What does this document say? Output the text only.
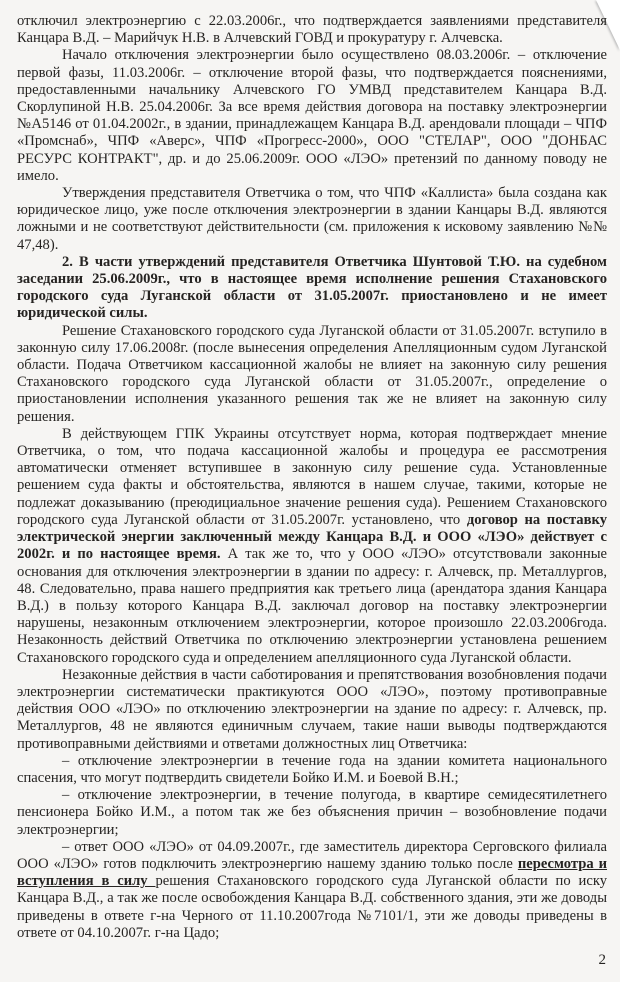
отключил электроэнергию с 22.03.2006г., что подтверждается заявлениями представителя Канцара В.Д. – Марийчук Н.В. в Алчевский ГОВД и прокуратуру г. Алчевска.

Начало отключения электроэнергии было осуществлено 08.03.2006г. – отключение первой фазы, 11.03.2006г. – отключение второй фазы, что подтверждается пояснениями, предоставленными начальнику Алчевского ГО УМВД представителем Канцара В.Д. Скорлупиной Н.В. 25.04.2006г. За все время действия договора на поставку электроэнергии №А5146 от 01.04.2002г., в здании, принадлежащем Канцара В.Д. арендовали площади – ЧПФ «Промснаб», ЧПФ «Аверс», ЧПФ «Прогресс-2000», ООО "СТЕЛАР", ООО "ДОНБАС РЕСУРС КОНТРАКТ", др. и до 25.06.2009г. ООО «ЛЭО» претензий по данному поводу не имело.

Утверждения представителя Ответчика о том, что ЧПФ «Каллиста» была создана как юридическое лицо, уже после отключения электроэнергии в здании Канцары В.Д. являются ложными и не соответствуют действительности (см. приложения к исковому заявлению №№ 47,48).

2. В части утверждений представителя Ответчика Шунтовой Т.Ю. на судебном заседании 25.06.2009г., что в настоящее время исполнение решения Стахановского городского суда Луганской области от 31.05.2007г. приостановлено и не имеет юридической силы.

Решение Стахановского городского суда Луганской области от 31.05.2007г. вступило в законную силу 17.06.2008г. (после вынесения определения Апелляционным судом Луганской области. Подача Ответчиком кассационной жалобы не влияет на законную силу решения Стахановского городского суда Луганской области от 31.05.2007г., определение о приостановлении исполнения указанного решения так же не влияет на законную силу решения.

В действующем ГПК Украины отсутствует норма, которая подтверждает мнение Ответчика, о том, что подача кассационной жалобы и процедура ее рассмотрения автоматически отменяет вступившее в законную силу решение суда. Установленные решением суда факты и обстоятельства, являются в нашем случае, такими, которые не подлежат доказыванию (преюдициальное значение решения суда). Решением Стахановского городского суда Луганской области от 31.05.2007г. установлено, что договор на поставку электрической энергии заключенный между Канцара В.Д. и ООО «ЛЭО» действует с 2002г. и по настоящее время. А так же то, что у ООО «ЛЭО» отсутствовали законные основания для отключения электроэнергии в здании по адресу: г. Алчевск, пр. Металлургов, 48. Следовательно, права нашего предприятия как третьего лица (арендатора здания Канцара В.Д.) в пользу которого Канцара В.Д. заключал договор на поставку электроэнергии нарушены, незаконным отключением электроэнергии, которое произошло 22.03.2006года. Незаконность действий Ответчика по отключению электроэнергии установлена решением Стахановского городского суда и определением апелляционного суда Луганской области.

Незаконные действия в части саботирования и препятствования возобновления подачи электроэнергии систематически практикуются ООО «ЛЭО», поэтому противоправные действия ООО «ЛЭО» по отключению электроэнергии на здание по адресу: г. Алчевск, пр. Металлургов, 48 не являются единичным случаем, такие наши выводы подтверждаются противоправными действиями и ответами должностных лиц Ответчика:

– отключение электроэнергии в течение года на здании комитета национального спасения, что могут подтвердить свидетели Бойко И.М. и Боевой В.Н.;

– отключение электроэнергии, в течение полугода, в квартире семидесятилетнего пенсионера Бойко И.М., а потом так же без объяснения причин – возобновление подачи электроэнергии;

– ответ ООО «ЛЭО» от 04.09.2007г., где заместитель директора Серговского филиала ООО «ЛЭО» готов подключить электроэнергию нашему зданию только после пересмотра и вступления в силу решения Стахановского городского суда Луганской области по иску Канцара В.Д., а так же после освобождения Канцара В.Д. собственного здания, эти же доводы приведены в ответе г-на Черного от 11.10.2007года №7101/1, эти же доводы приведены в ответе от 04.10.2007г. г-на Цадо;

2
